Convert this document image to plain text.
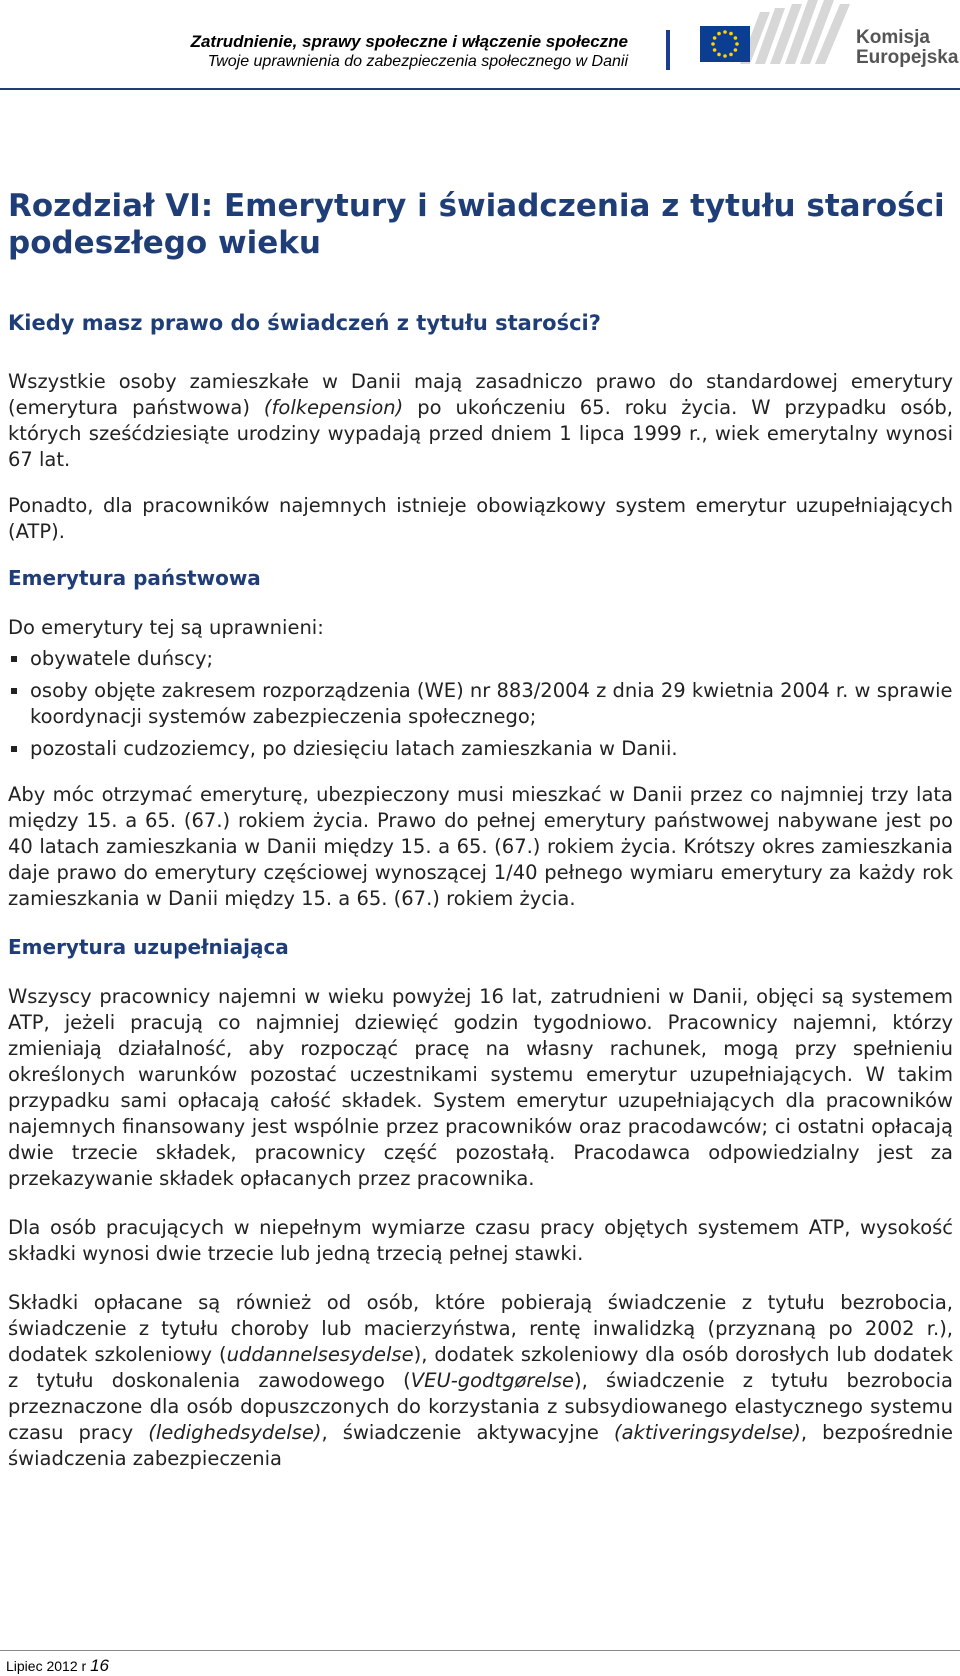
Zatrudnienie, sprawy społeczne i włączenie społeczne
Twoje uprawnienia do zabezpieczenia społecznego w Danii
Komisja
Europejska
Rozdział VI: Emerytury i świadczenia z tytułu starości podeszłego wieku
Kiedy masz prawo do świadczeń z tytułu starości?

Wszystkie osoby zamieszkałe w Danii mają zasadniczo prawo do standardowej emerytury (emerytura państwowa) (folkepension) po ukończeniu 65. roku życia. W przypadku osób, których sześćdziesiąte urodziny wypadają przed dniem 1 lipca 1999 r., wiek emerytalny wynosi 67 lat.

Ponadto, dla pracowników najemnych istnieje obowiązkowy system emerytur uzupełniających (ATP).

Emerytura państwowa

Do emerytury tej są uprawnieni:

obywatele duńscy;
osoby objęte zakresem rozporządzenia (WE) nr 883/2004 z dnia 29 kwietnia 2004 r. w sprawie koordynacji systemów zabezpieczenia społecznego;
pozostali cudzoziemcy, po dziesięciu latach zamieszkania w Danii.

Aby móc otrzymać emeryturę, ubezpieczony musi mieszkać w Danii przez co najmniej trzy lata między 15. a 65. (67.) rokiem życia. Prawo do pełnej emerytury państwowej nabywane jest po 40 latach zamieszkania w Danii między 15. a 65. (67.) rokiem życia. Krótszy okres zamieszkania daje prawo do emerytury częściowej wynoszącej 1/40 pełnego wymiaru emerytury za każdy rok zamieszkania w Danii między 15. a 65. (67.) rokiem życia.

Emerytura uzupełniająca

Wszyscy pracownicy najemni w wieku powyżej 16 lat, zatrudnieni w Danii, objęci są systemem ATP, jeżeli pracują co najmniej dziewięć godzin tygodniowo. Pracownicy najemni, którzy zmieniają działalność, aby rozpocząć pracę na własny rachunek, mogą przy spełnieniu określonych warunków pozostać uczestnikami systemu emerytur uzupełniających. W takim przypadku sami opłacają całość składek. System emerytur uzupełniających dla pracowników najemnych finansowany jest wspólnie przez pracowników oraz pracodawców; ci ostatni opłacają dwie trzecie składek, pracownicy część pozostałą. Pracodawca odpowiedzialny jest za przekazywanie składek opłacanych przez pracownika.

Dla osób pracujących w niepełnym wymiarze czasu pracy objętych systemem ATP, wysokość składki wynosi dwie trzecie lub jedną trzecią pełnej stawki.

Składki opłacane są również od osób, które pobierają świadczenie z tytułu bezrobocia, świadczenie z tytułu choroby lub macierzyństwa, rentę inwalidzką (przyznaną po 2002 r.), dodatek szkoleniowy (uddannelsesydelse), dodatek szkoleniowy dla osób dorosłych lub dodatek z tytułu doskonalenia zawodowego (VEU-godtgørelse), świadczenie z tytułu bezrobocia przeznaczone dla osób dopuszczonych do korzystania z subsydiowanego elastycznego systemu czasu pracy (ledighedsydelse), świadczenie aktywacyjne (aktiveringsydelse), bezpośrednie świadczenia zabezpieczenia

Lipiec 2012 r 16
